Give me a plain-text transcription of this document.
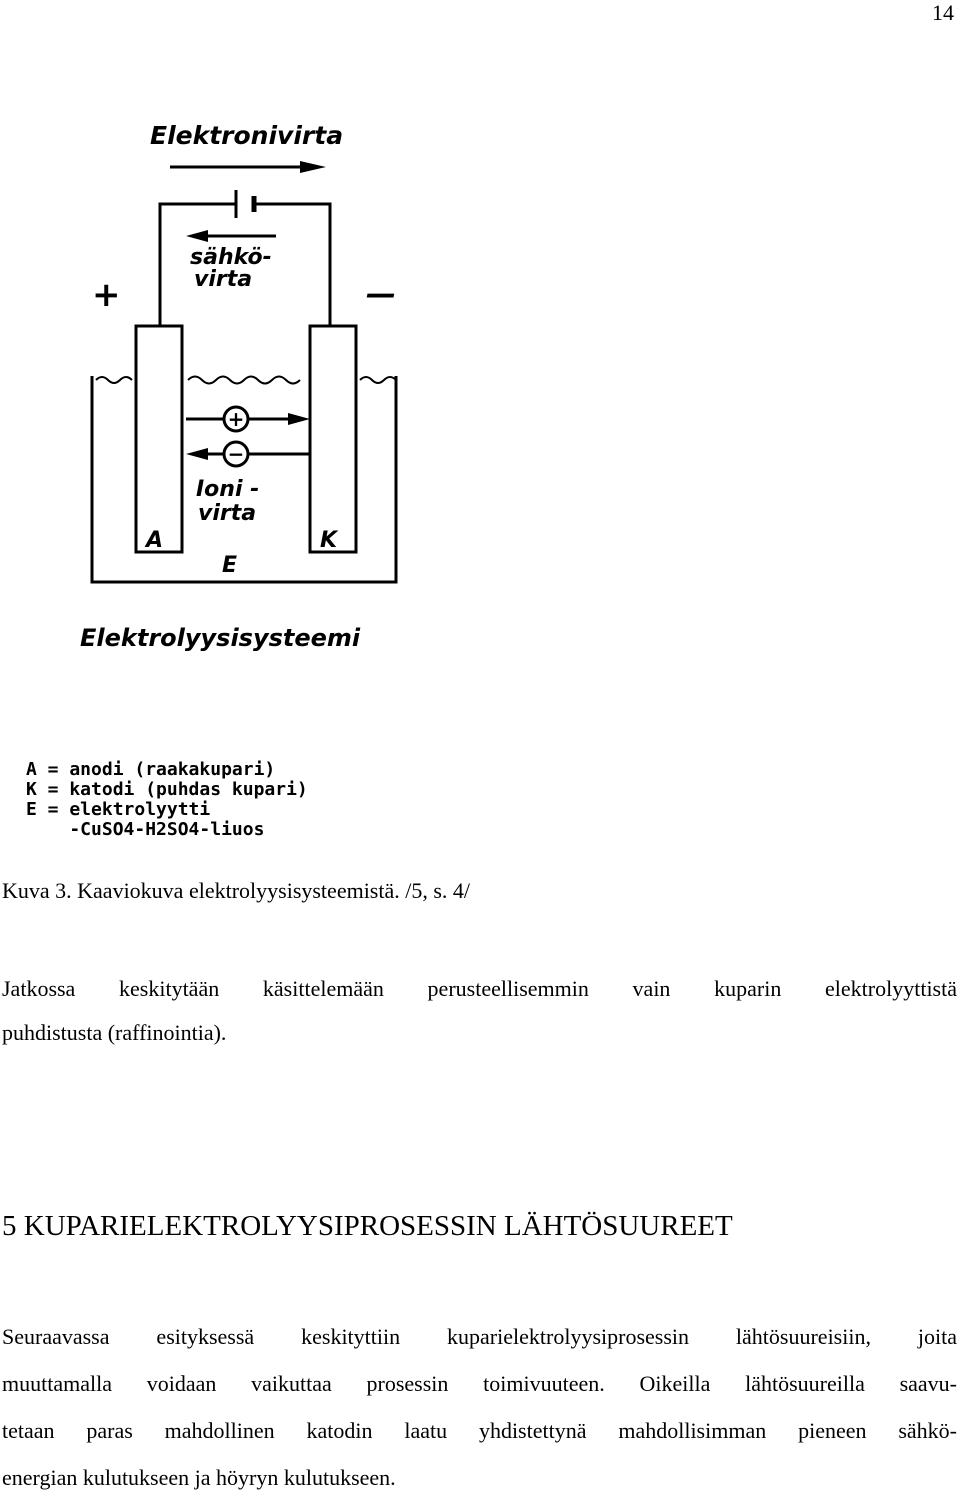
14
Elektronivirta
sähkö-
virta
+	—
+
−
Ioni -
virta
A	K
E
Elektrolyysisysteemi
A = anodi (raakakupari)
K = katodi (puhdas kupari)
E = elektrolyytti
-CuSO4-H2SO4-liuos
Kuva 3. Kaaviokuva elektrolyysisysteemistä. /5, s. 4/
Jatkossa keskitytään käsittelemään perusteellisemmin vain kuparin elektrolyyttistä
puhdistusta (raffinointia).
5 KUPARIELEKTROLYYSIPROSESSIN LÄHTÖSUUREET
Seuraavassa esityksessä keskityttiin kuparielektrolyysiprosessin lähtösuureisiin, joita
muuttamalla voidaan vaikuttaa prosessin toimivuuteen. Oikeilla lähtösuureilla saavu-
tetaan paras mahdollinen katodin laatu yhdistettynä mahdollisimman pieneen sähkö-
energian kulutukseen ja höyryn kulutukseen.
